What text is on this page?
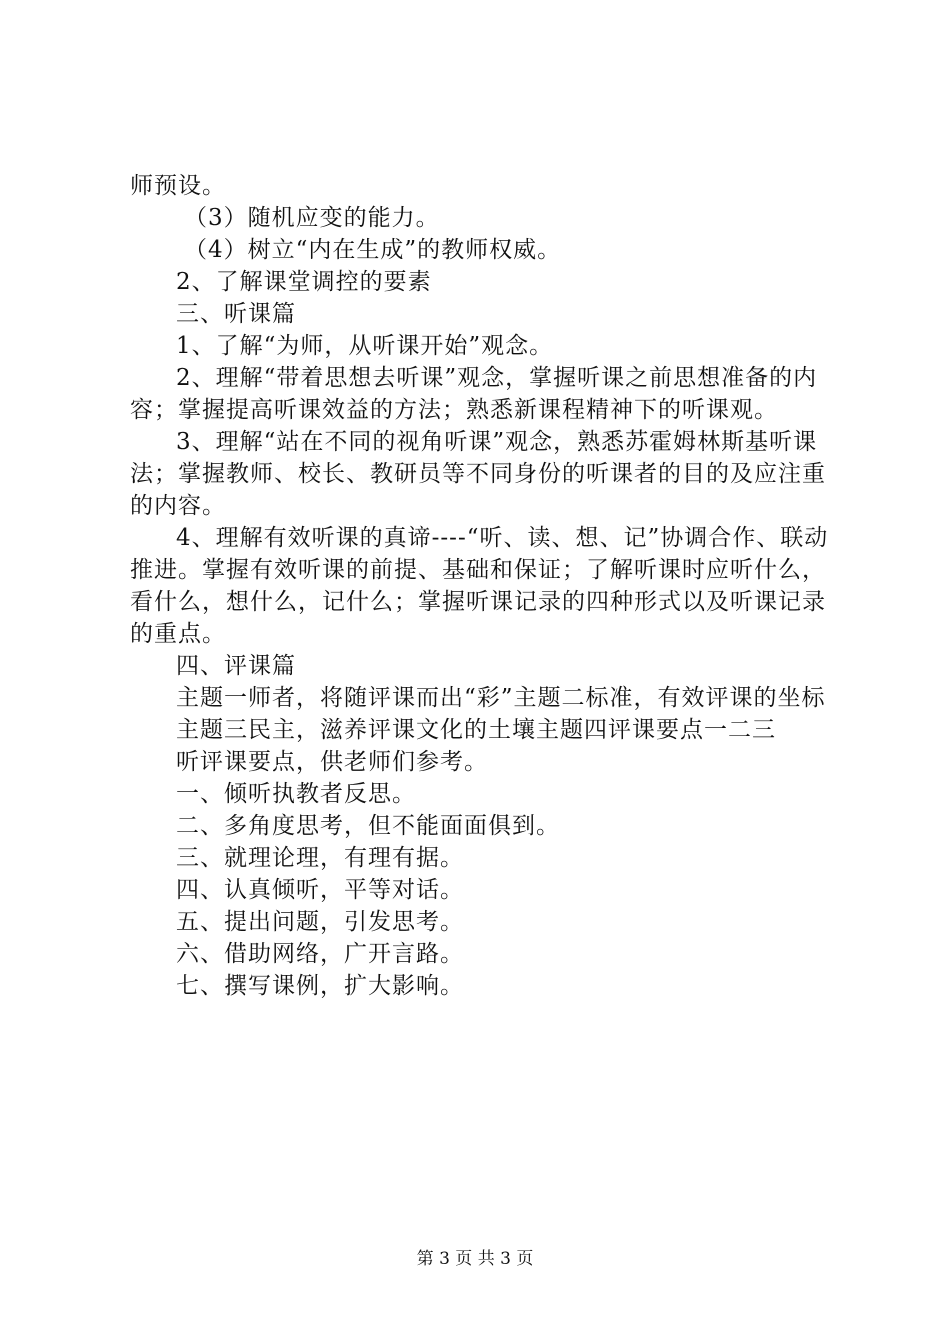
师预设。

（3）随机应变的能力。

（4）树立“内在生成”的教师权威。

2、了解课堂调控的要素

三、听课篇

1、了解“为师，从听课开始”观念。

2、理解“带着思想去听课”观念，掌握听课之前思想准备的内容；掌握提高听课效益的方法；熟悉新课程精神下的听课观。

3、理解“站在不同的视角听课”观念，熟悉苏霍姆林斯基听课法；掌握教师、校长、教研员等不同身份的听课者的目的及应注重的内容。

4、理解有效听课的真谛----“听、读、想、记”协调合作、联动推进。掌握有效听课的前提、基础和保证；了解听课时应听什么，看什么，想什么，记什么；掌握听课记录的四种形式以及听课记录的重点。

四、评课篇

主题一师者，将随评课而出“彩”主题二标准，有效评课的坐标

主题三民主，滋养评课文化的土壤主题四评课要点一二三

听评课要点，供老师们参考。

一、倾听执教者反思。

二、多角度思考，但不能面面俱到。

三、就理论理，有理有据。

四、认真倾听，平等对话。

五、提出问题，引发思考。

六、借助网络，广开言路。

七、撰写课例，扩大影响。

第 3 页 共 3 页
